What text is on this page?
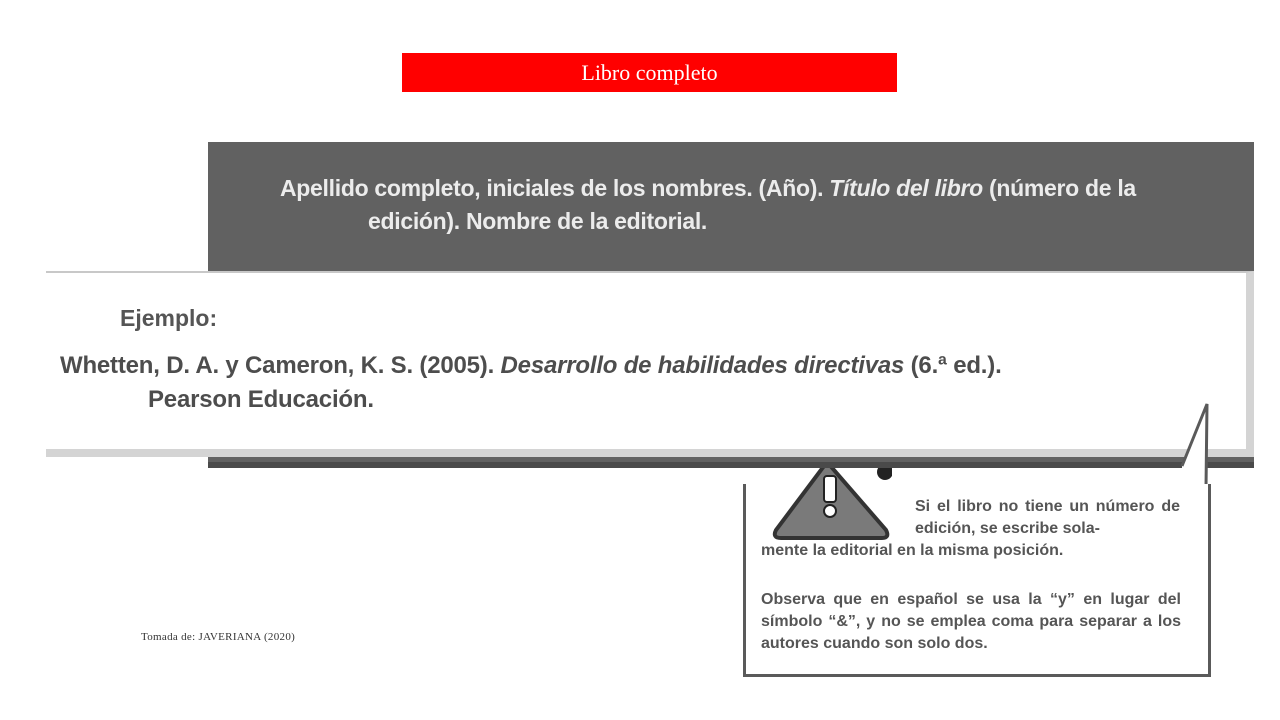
Libro completo
Apellido completo, iniciales de los nombres. (Año). Título del libro (número de la
edición). Nombre de la editorial.
Ejemplo:
Whetten, D. A. y Cameron, K. S. (2005). Desarrollo de habilidades directivas (6.ª ed.).
Pearson Educación.
Si el libro no tiene un número de edición, se escribe sola-
mente la editorial en la misma posición.
Observa que en español se usa la “y” en lugar del símbolo “&”, y no se emplea coma para separar a los autores cuando son solo dos.
Tomada de: JAVERIANA (2020)
